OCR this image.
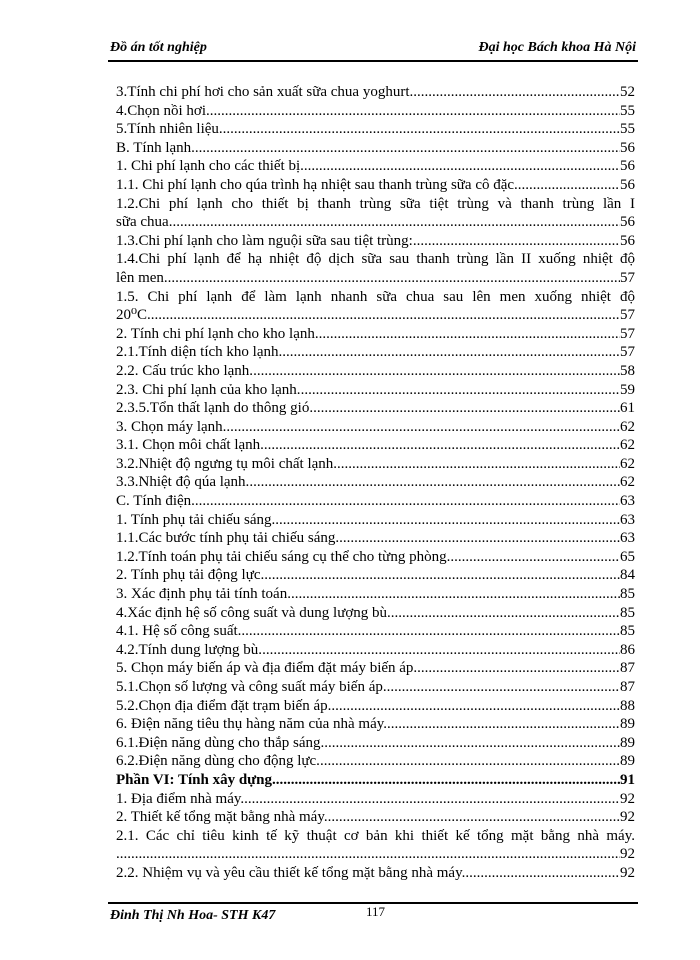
Đồ án tốt nghiệp	Đại học Bách khoa Hà Nội
3.Tính chi phí hơi cho sản xuất sữa chua yoghurt. .....	52
4.Chọn nồi hơi .....	55
5.Tính nhiên liệu. .....	55
B. Tính lạnh. .....	56
1. Chi phí lạnh cho các thiết bị. .....	56
1.1. Chi phí lạnh cho qúa trình hạ nhiệt sau thanh trùng sữa cô đặc. .....	56
1.2.Chi phí lạnh cho thiết bị thanh trùng sữa tiệt trùng và thanh trùng lần I
sữa chua .....	56
1.3.Chi phí lạnh cho làm nguội sữa sau tiệt trùng: .....	56
1.4.Chi phí lạnh để hạ nhiệt độ dịch sữa sau thanh trùng lần II xuống nhiệt độ
lên men. .....	57
1.5. Chi phí lạnh để làm lạnh nhanh sữa chua sau lên men xuống nhiệt độ
20⁰C. .....	57
2. Tính chi phí lạnh cho kho lạnh. .....	57
2.1.Tính diện tích kho lạnh. .....	57
2.2. Cấu trúc kho lạnh. .....	58
2.3. Chi phí lạnh của kho lạnh. .....	59
2.3.5.Tổn thất lạnh do thông gió. .....	61
3. Chọn máy lạnh. .....	62
3.1. Chọn môi chất lạnh. .....	62
3.2.Nhiệt độ ngưng tụ môi chất lạnh. .....	62
3.3.Nhiệt độ qúa lạnh. .....	62
C. Tính điện. .....	63
1. Tính phụ tải chiếu sáng. .....	63
1.1.Các bước tính phụ tải chiếu sáng. .....	63
1.2.Tính toán phụ tải chiếu sáng cụ thể cho từng phòng. .....	65
2. Tính phụ tải động lực. .....	84
3. Xác định phụ tải tính toán. .....	85
4.Xác định hệ số công suất và dung lượng bù. .....	85
4.1. Hệ số công suất. .....	85
4.2.Tính dung lượng bù. .....	86
5. Chọn máy biến áp và địa điểm đặt máy biến áp. .....	87
5.1.Chọn số lượng và công suất máy biến áp. .....	87
5.2.Chọn địa điểm đặt trạm biến áp. .....	88
6. Điện năng tiêu thụ hàng năm của nhà máy. .....	89
6.1.Điện năng dùng cho thắp sáng. .....	89
6.2.Điện năng dùng cho động lực. .....	89
Phần VI: Tính xây dựng .....	91
1. Địa điểm nhà máy. .....	92
2. Thiết kế tổng mặt bằng nhà máy. .....	92
2.1. Các chỉ tiêu kinh tế kỹ thuật cơ bản khi thiết kế tổng mặt bằng nhà máy.
.....
92
2.2. Nhiệm vụ và yêu cầu thiết kế tổng mặt bằng nhà máy. .....	92
Đinh Thị Nh Hoa- STH K47	117
